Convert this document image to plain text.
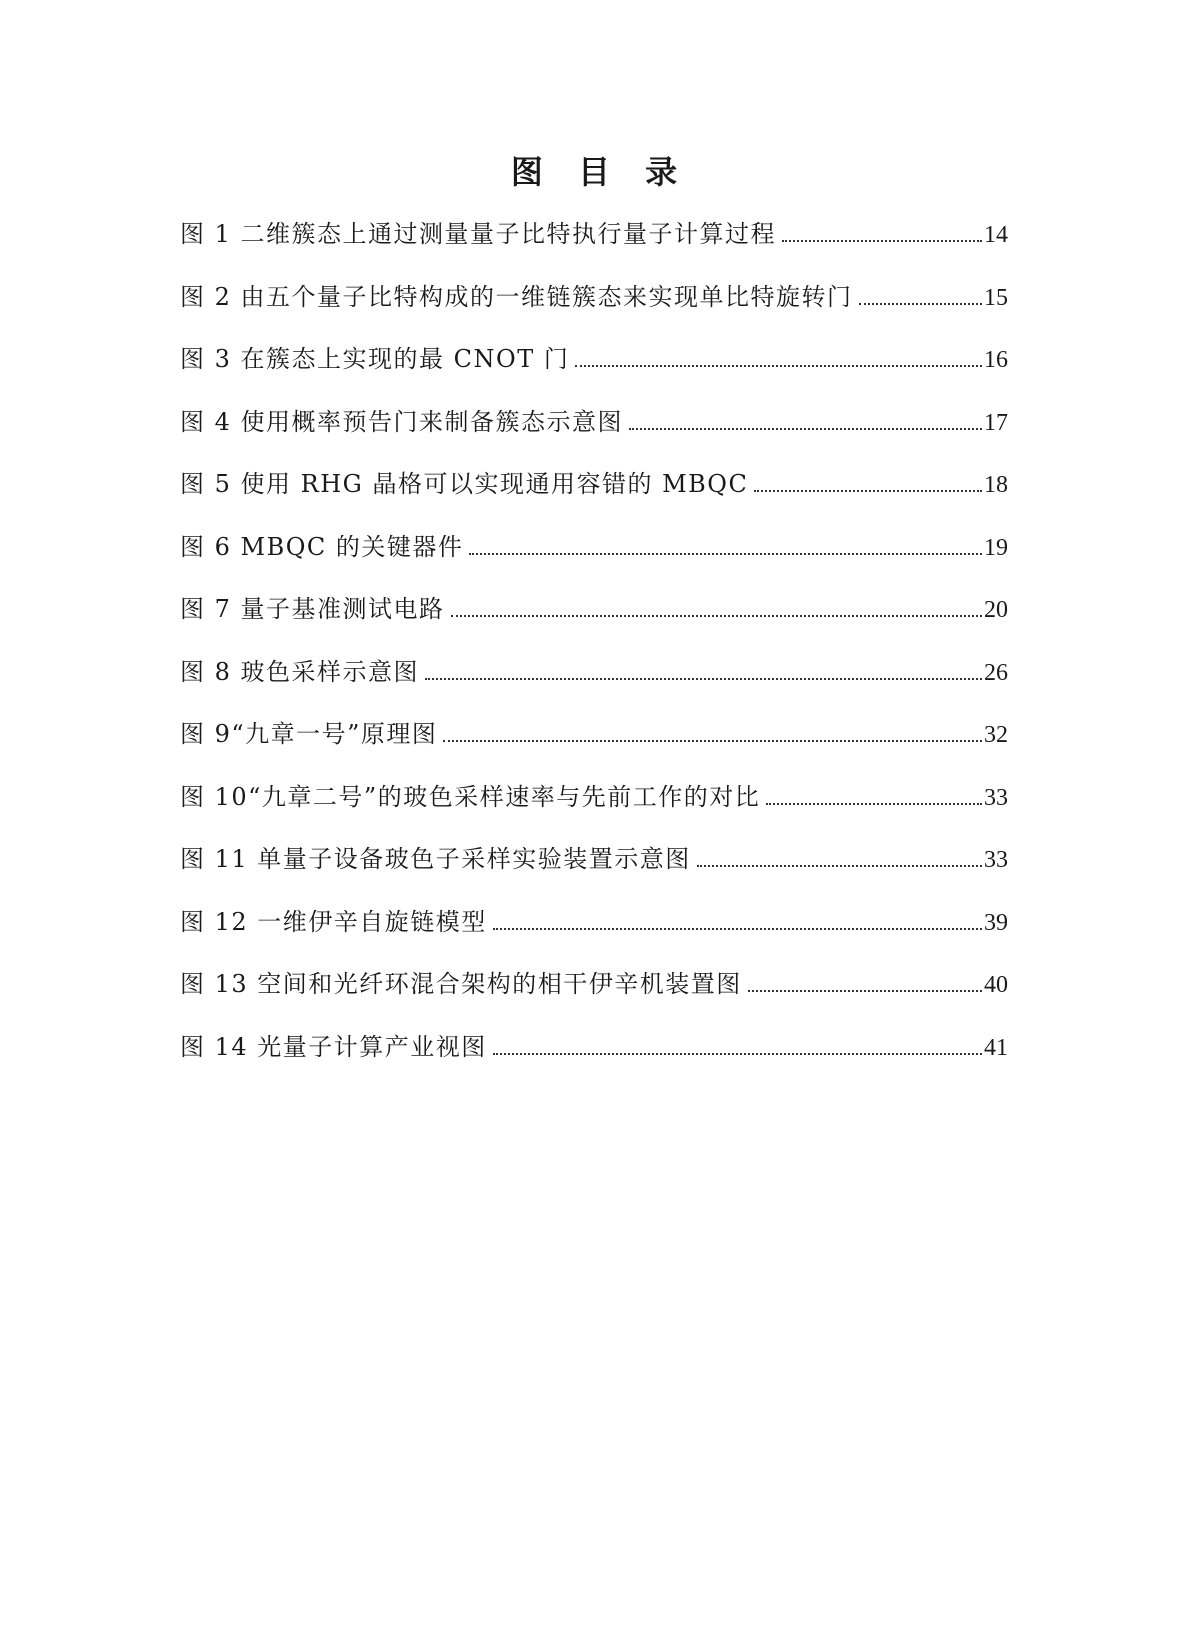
图 目 录
图 1 二维簇态上通过测量量子比特执行量子计算过程	14
图 2 由五个量子比特构成的一维链簇态来实现单比特旋转门	15
图 3 在簇态上实现的最 CNOT 门	16
图 4 使用概率预告门来制备簇态示意图	17
图 5 使用 RHG 晶格可以实现通用容错的 MBQC	18
图 6 MBQC 的关键器件	19
图 7 量子基准测试电路	20
图 8 玻色采样示意图	26
图 9“九章一号”原理图	32
图 10“九章二号”的玻色采样速率与先前工作的对比	33
图 11 单量子设备玻色子采样实验装置示意图	33
图 12 一维伊辛自旋链模型	39
图 13 空间和光纤环混合架构的相干伊辛机装置图	40
图 14 光量子计算产业视图	41
